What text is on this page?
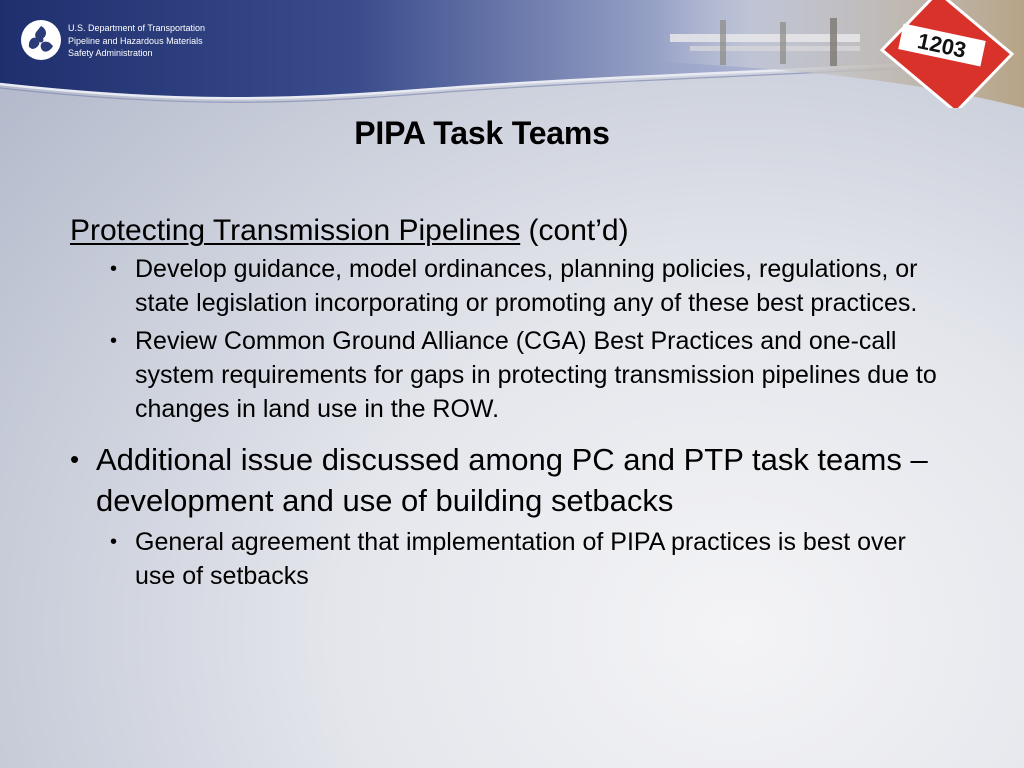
U.S. Department of Transportation
Pipeline and Hazardous Materials
Safety Administration	1203
PIPA Task Teams
Protecting Transmission Pipelines (cont’d)
• Develop guidance, model ordinances, planning policies, regulations, or state legislation incorporating or promoting any of these best practices.
• Review Common Ground Alliance (CGA) Best Practices and one-call system requirements for gaps in protecting transmission pipelines due to changes in land use in the ROW.
• Additional issue discussed among PC and PTP task teams – development and use of building setbacks
• General agreement that implementation of PIPA practices is best over use of setbacks
